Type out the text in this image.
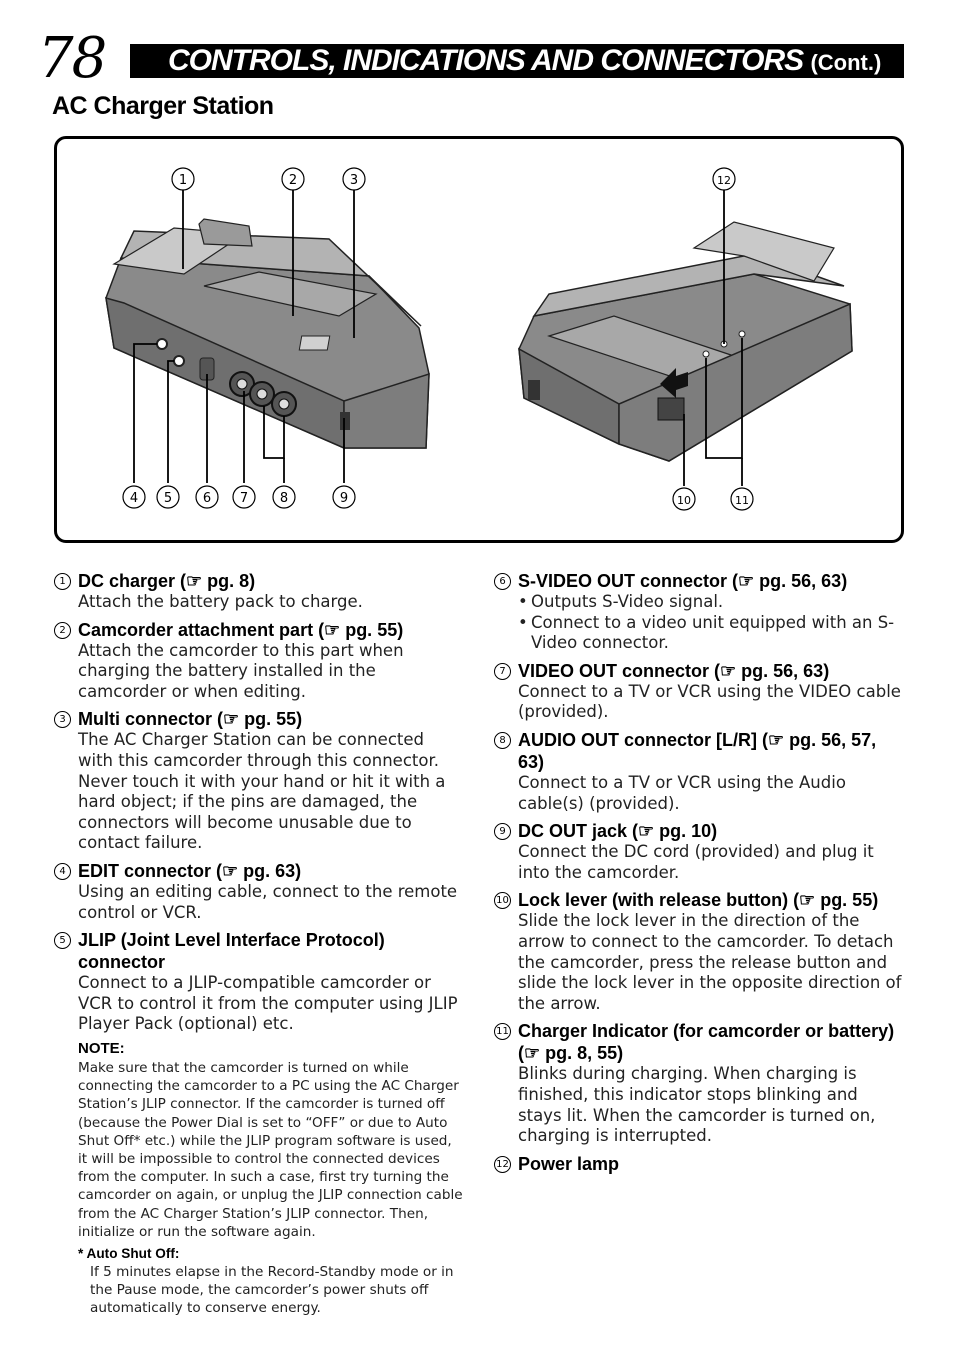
78 CONTROLS, INDICATIONS AND CONNECTORS (Cont.)
AC Charger Station
1	2	3
4 5 6 7 8	9	10	11
12
1 DC charger (☞ pg. 8)
Attach the battery pack to charge.
2 Camcorder attachment part (☞ pg. 55)
Attach the camcorder to this part when charging the battery installed in the camcorder or when editing.
3 Multi connector (☞ pg. 55)
The AC Charger Station can be connected with this camcorder through this connector. Never touch it with your hand or hit it with a hard object; if the pins are damaged, the connectors will become unusable due to contact failure.
4 EDIT connector (☞ pg. 63)
Using an editing cable, connect to the remote control or VCR.
5 JLIP (Joint Level Interface Protocol) connector
Connect to a JLIP-compatible camcorder or VCR to control it from the computer using JLIP Player Pack (optional) etc.
NOTE:
Make sure that the camcorder is turned on while connecting the camcorder to a PC using the AC Charger Station’s JLIP connector. If the camcorder is turned off (because the Power Dial is set to “OFF” or due to Auto Shut Off* etc.) while the JLIP program software is used, it will be impossible to control the connected devices from the computer. In such a case, first try turning the camcorder on again, or unplug the JLIP connection cable from the AC Charger Station’s JLIP connector. Then, initialize or run the software again.
* Auto Shut Off:
If 5 minutes elapse in the Record-Standby mode or in the Pause mode, the camcorder’s power shuts off automatically to conserve energy.
6 S-VIDEO OUT connector (☞ pg. 56, 63)
• Outputs S-Video signal.
• Connect to a video unit equipped with an S-Video connector.
7 VIDEO OUT connector (☞ pg. 56, 63)
Connect to a TV or VCR using the VIDEO cable (provided).
8 AUDIO OUT connector [L/R] (☞ pg. 56, 57, 63)
Connect to a TV or VCR using the Audio cable(s) (provided).
9 DC OUT jack (☞ pg. 10)
Connect the DC cord (provided) and plug it into the camcorder.
10 Lock lever (with release button) (☞ pg. 55)
Slide the lock lever in the direction of the arrow to connect to the camcorder. To detach the camcorder, press the release button and slide the lock lever in the opposite direction of the arrow.
11 Charger Indicator (for camcorder or battery) (☞ pg. 8, 55)
Blinks during charging. When charging is finished, this indicator stops blinking and stays lit. When the camcorder is turned on, charging is interrupted.
12 Power lamp
